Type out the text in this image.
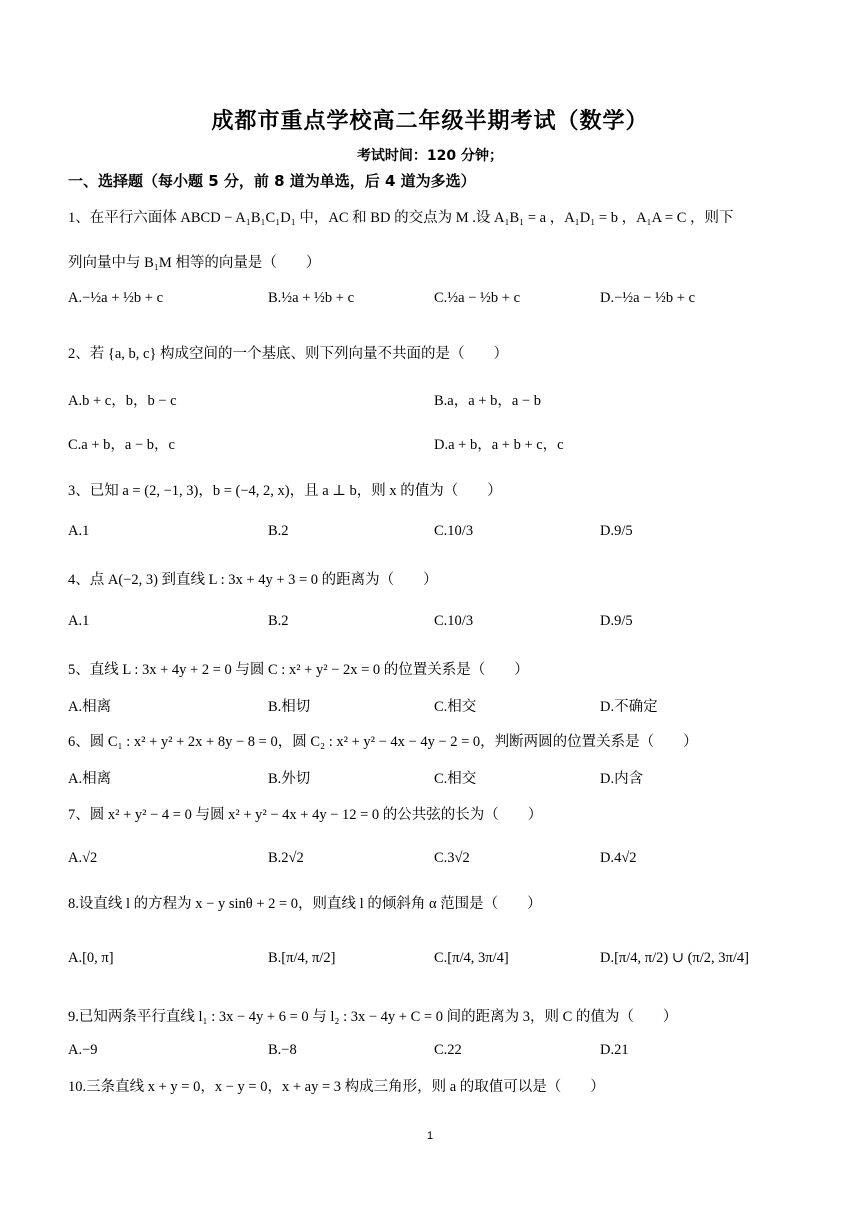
成都市重点学校高二年级半期考试（数学）
考试时间：120 分钟；
一、选择题（每小题 5 分，前 8 道为单选，后 4 道为多选）
1、在平行六面体 ABCD − A₁B₁C₁D₁ 中，AC 和 BD 的交点为 M .设 A₁B₁ = a ，A₁D₁ = b ，A₁A = C ，则下
列向量中与 B₁M 相等的向量是（　　）
A.−½a + ½b + c	B.½a + ½b + c	C.½a − ½b + c	D.−½a − ½b + c
2、若 {a, b, c} 构成空间的一个基底、则下列向量不共面的是（　　）
A.b + c，b，b − c	B.a，a + b，a − b
C.a + b，a − b，c	D.a + b，a + b + c，c
3、已知 a = (2, −1, 3)，b = (−4, 2, x)，且 a ⊥ b，则 x 的值为（　　）
A.1	B.2	C.10/3	D.9/5
4、点 A(−2, 3) 到直线 L : 3x + 4y + 3 = 0 的距离为（　　）
A.1	B.2	C.10/3	D.9/5
5、直线 L : 3x + 4y + 2 = 0 与圆 C : x² + y² − 2x = 0 的位置关系是（　　）
A.相离	B.相切	C.相交	D.不确定
6、圆 C₁ : x² + y² + 2x + 8y − 8 = 0，圆 C₂ : x² + y² − 4x − 4y − 2 = 0，判断两圆的位置关系是（　　）
A.相离	B.外切	C.相交	D.内含
7、圆 x² + y² − 4 = 0 与圆 x² + y² − 4x + 4y − 12 = 0 的公共弦的长为（　　）
A.√2	B.2√2	C.3√2	D.4√2
8.设直线 l 的方程为 x − y sinθ + 2 = 0，则直线 l 的倾斜角 α 范围是（　　）
A.[0, π]	B.[π/4, π/2]	C.[π/4, 3π/4]	D.[π/4, π/2) ∪ (π/2, 3π/4]
9.已知两条平行直线 l₁ : 3x − 4y + 6 = 0 与 l₂ : 3x − 4y + C = 0 间的距离为 3，则 C 的值为（　　）
A.−9	B.−8	C.22	D.21
10.三条直线 x + y = 0，x − y = 0，x + ay = 3 构成三角形，则 a 的取值可以是（　　）
1
